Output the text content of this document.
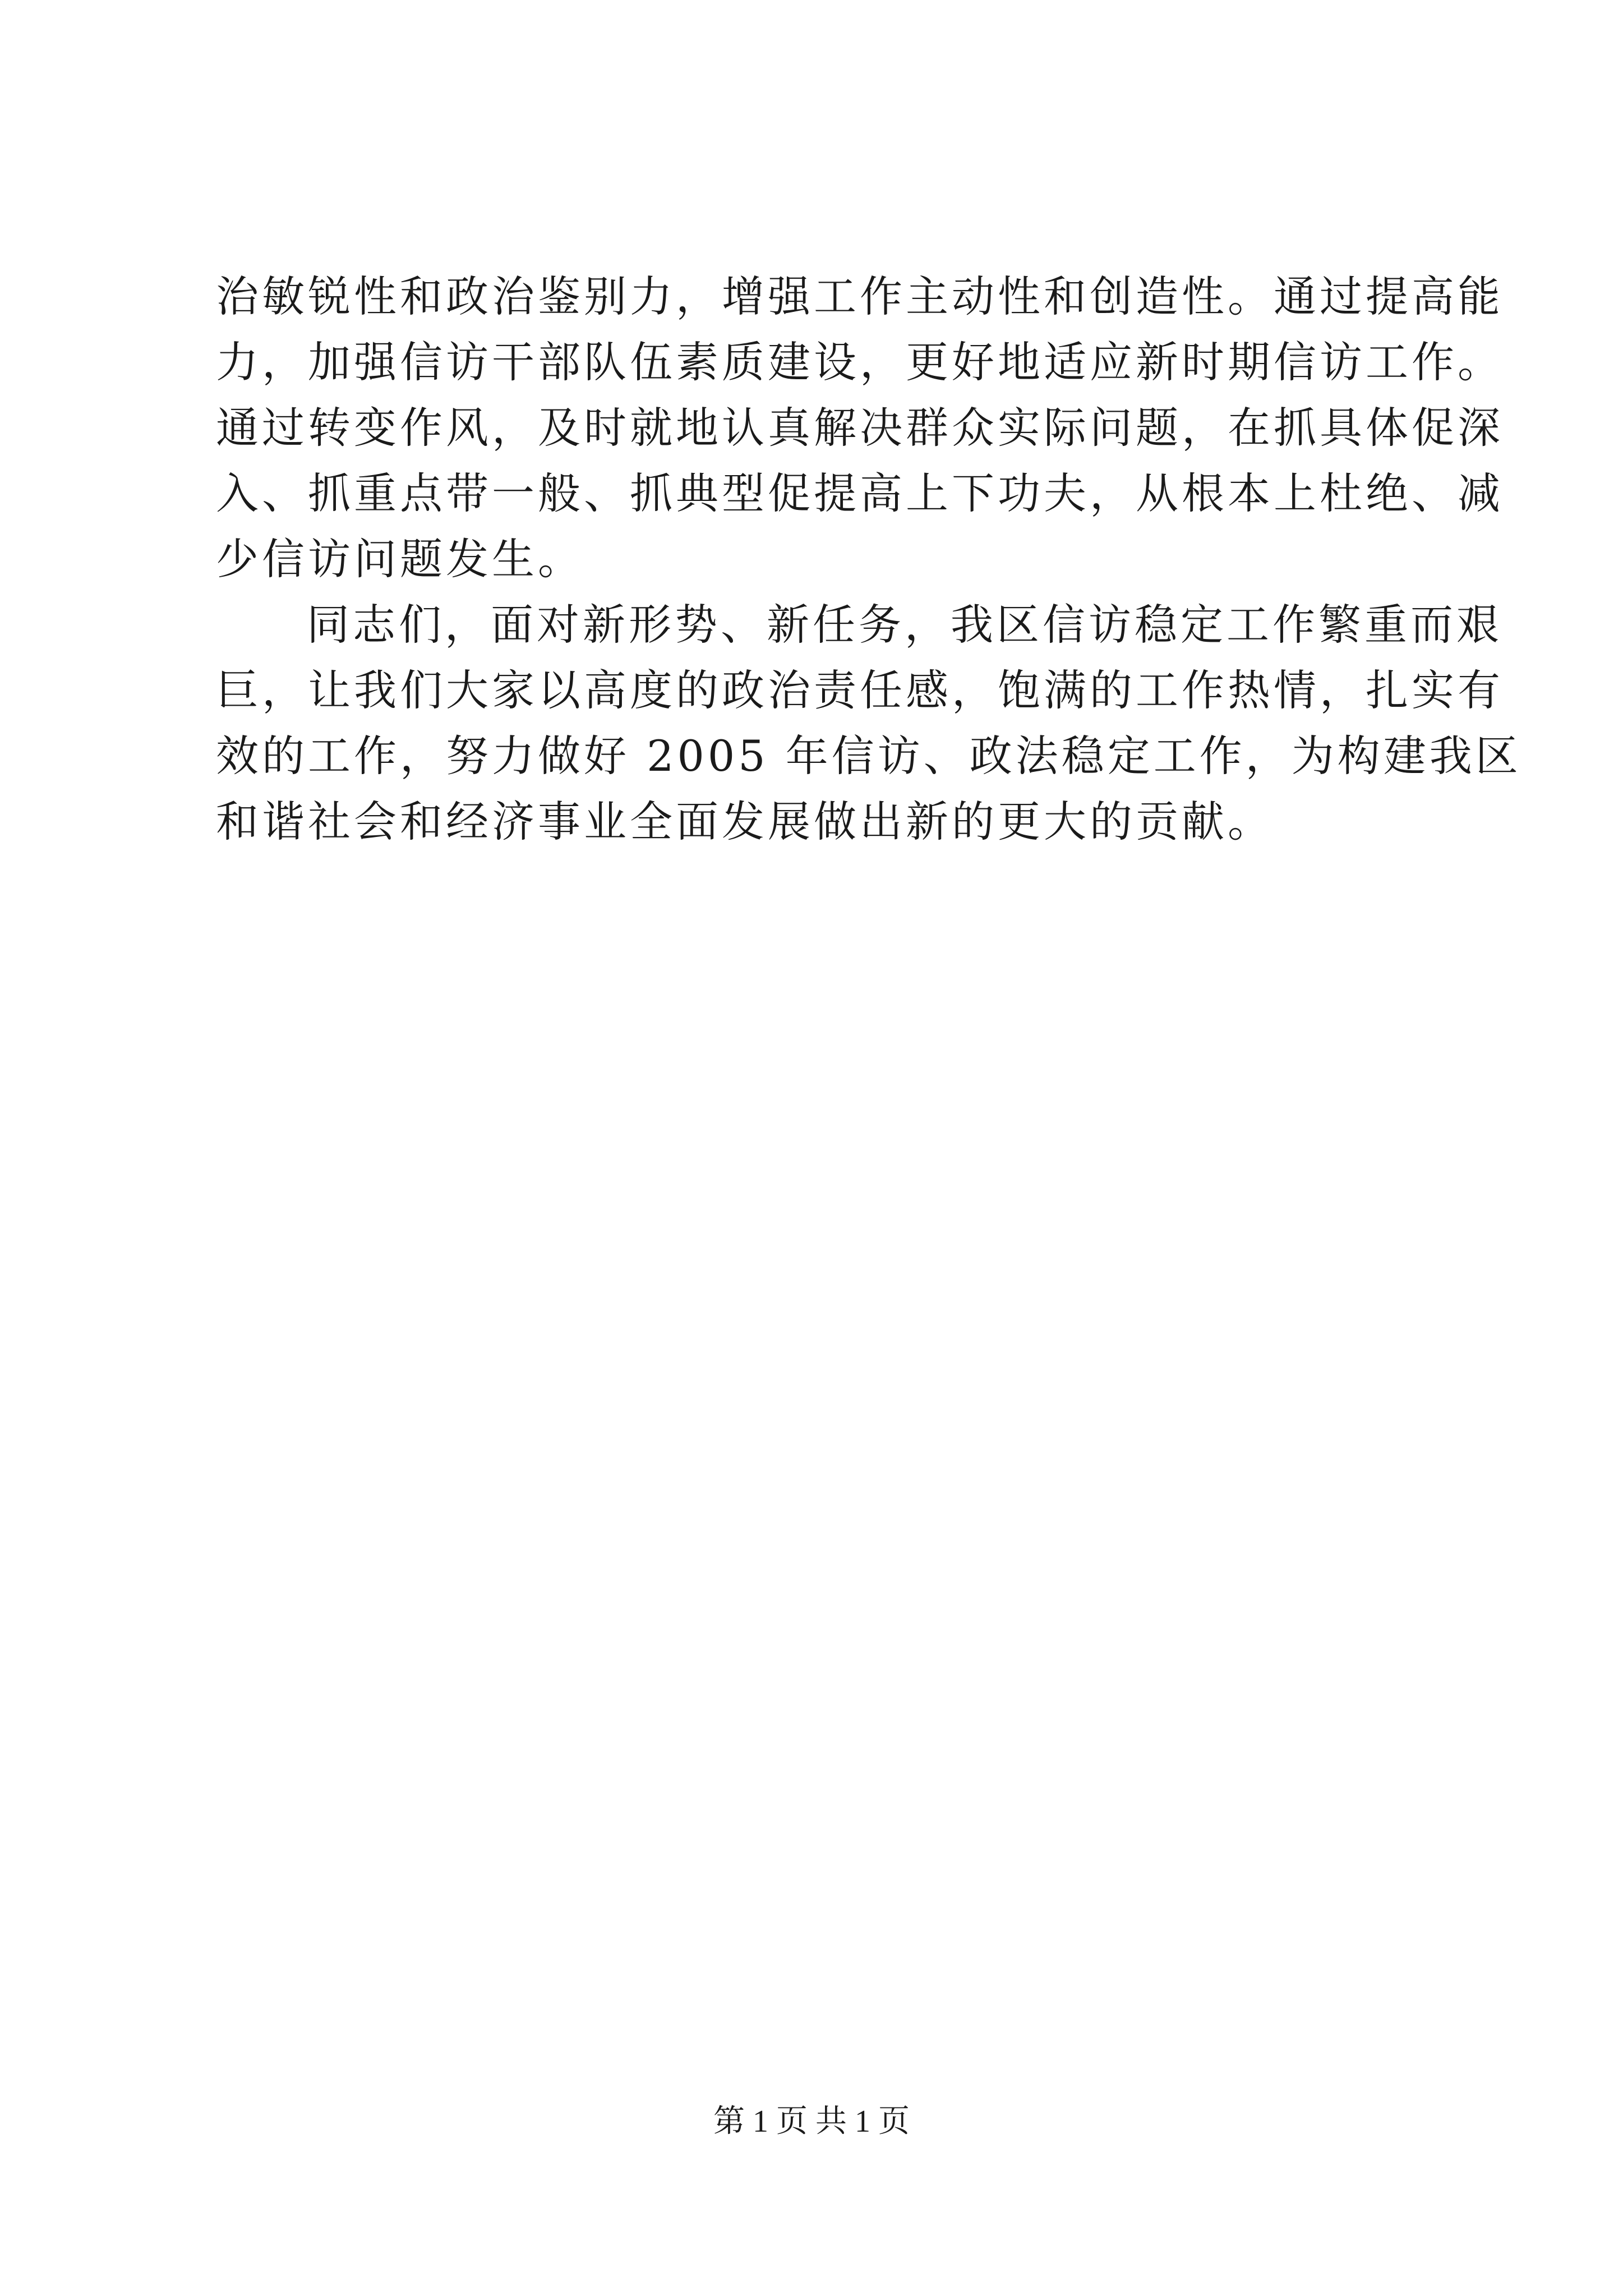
治敏锐性和政治鉴别力，增强工作主动性和创造性。通过提高能
力，加强信访干部队伍素质建设，更好地适应新时期信访工作。
通过转变作风，及时就地认真解决群众实际问题，在抓具体促深
入、抓重点带一般、抓典型促提高上下功夫，从根本上杜绝、减
少信访问题发生。
同志们，面对新形势、新任务，我区信访稳定工作繁重而艰
巨，让我们大家以高度的政治责任感，饱满的工作热情，扎实有
效的工作，努力做好 2005 年信访、政法稳定工作，为构建我区
和谐社会和经济事业全面发展做出新的更大的贡献。
第 1 页 共 1 页
